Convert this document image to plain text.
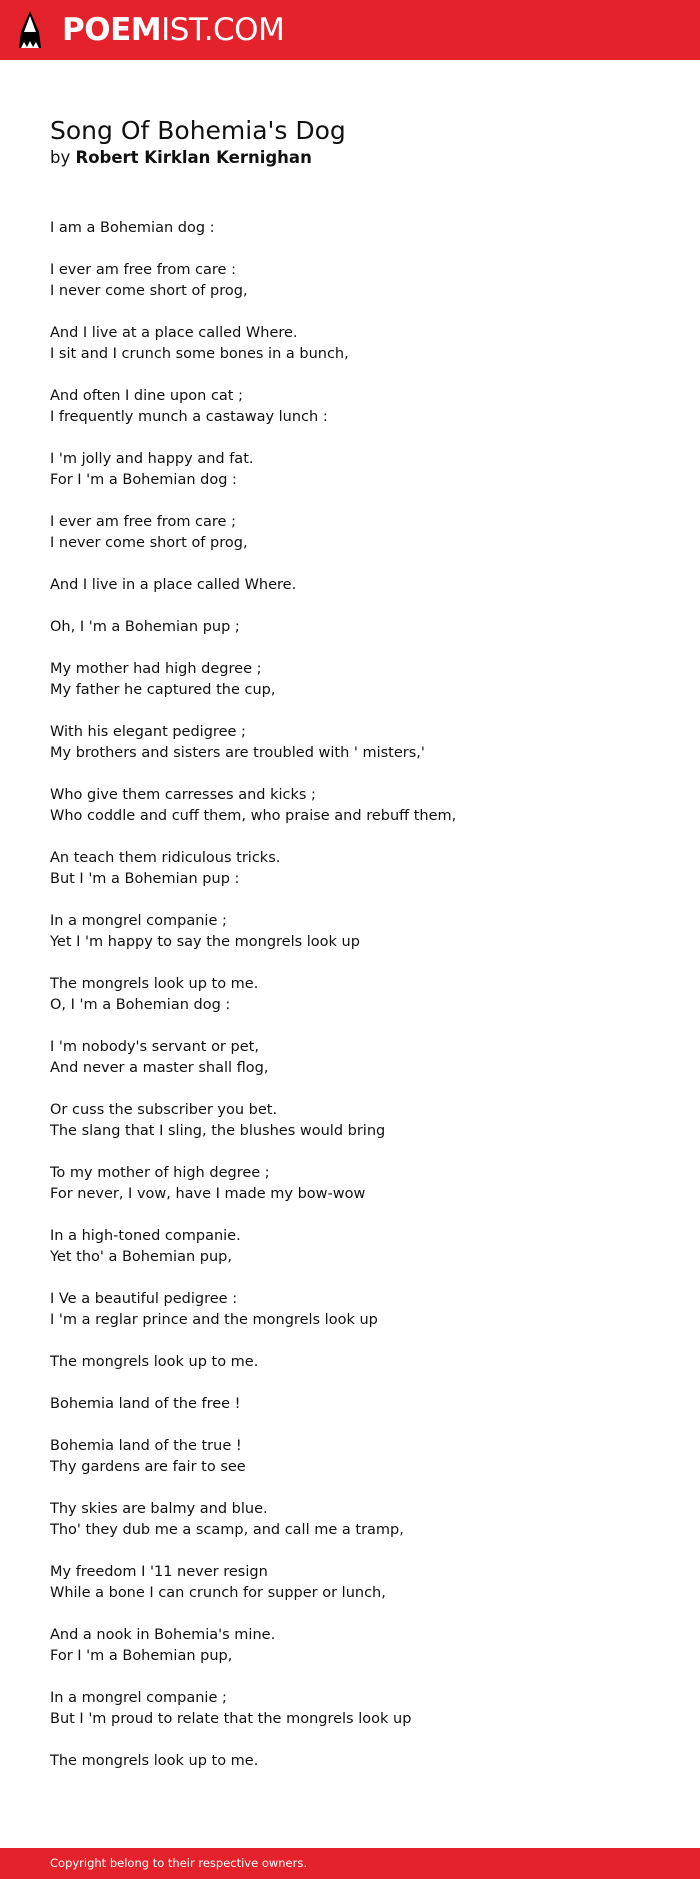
POEMIST.COM
Song Of Bohemia's Dog
by Robert Kirklan Kernighan
I am a Bohemian dog :
I ever am free from care :
I never come short of prog,
And I live at a place called Where.
I sit and I crunch some bones in a bunch,
And often I dine upon cat ;
I frequently munch a castaway lunch :
I 'm jolly and happy and fat.
For I 'm a Bohemian dog :
I ever am free from care ;
I never come short of prog,
And I live in a place called Where.
Oh, I 'm a Bohemian pup ;
My mother had high degree ;
My father he captured the cup,
With his elegant pedigree ;
My brothers and sisters are troubled with ' misters,'
Who give them carresses and kicks ;
Who coddle and cuff them, who praise and rebuff them,
An teach them ridiculous tricks.
But I 'm a Bohemian pup :
In a mongrel companie ;
Yet I 'm happy to say the mongrels look up
The mongrels look up to me.
O, I 'm a Bohemian dog :
I 'm nobody's servant or pet,
And never a master shall flog,
Or cuss the subscriber you bet.
The slang that I sling, the blushes would bring
To my mother of high degree ;
For never, I vow, have I made my bow-wow
In a high-toned companie.
Yet tho' a Bohemian pup,
I Ve a beautiful pedigree :
I 'm a reglar prince and the mongrels look up
The mongrels look up to me.
Bohemia land of the free !
Bohemia land of the true !
Thy gardens are fair to see
Thy skies are balmy and blue.
Tho' they dub me a scamp, and call me a tramp,
My freedom I '11 never resign
While a bone I can crunch for supper or lunch,
And a nook in Bohemia's mine.
For I 'm a Bohemian pup,
In a mongrel companie ;
But I 'm proud to relate that the mongrels look up
The mongrels look up to me.
Copyright belong to their respective owners.
